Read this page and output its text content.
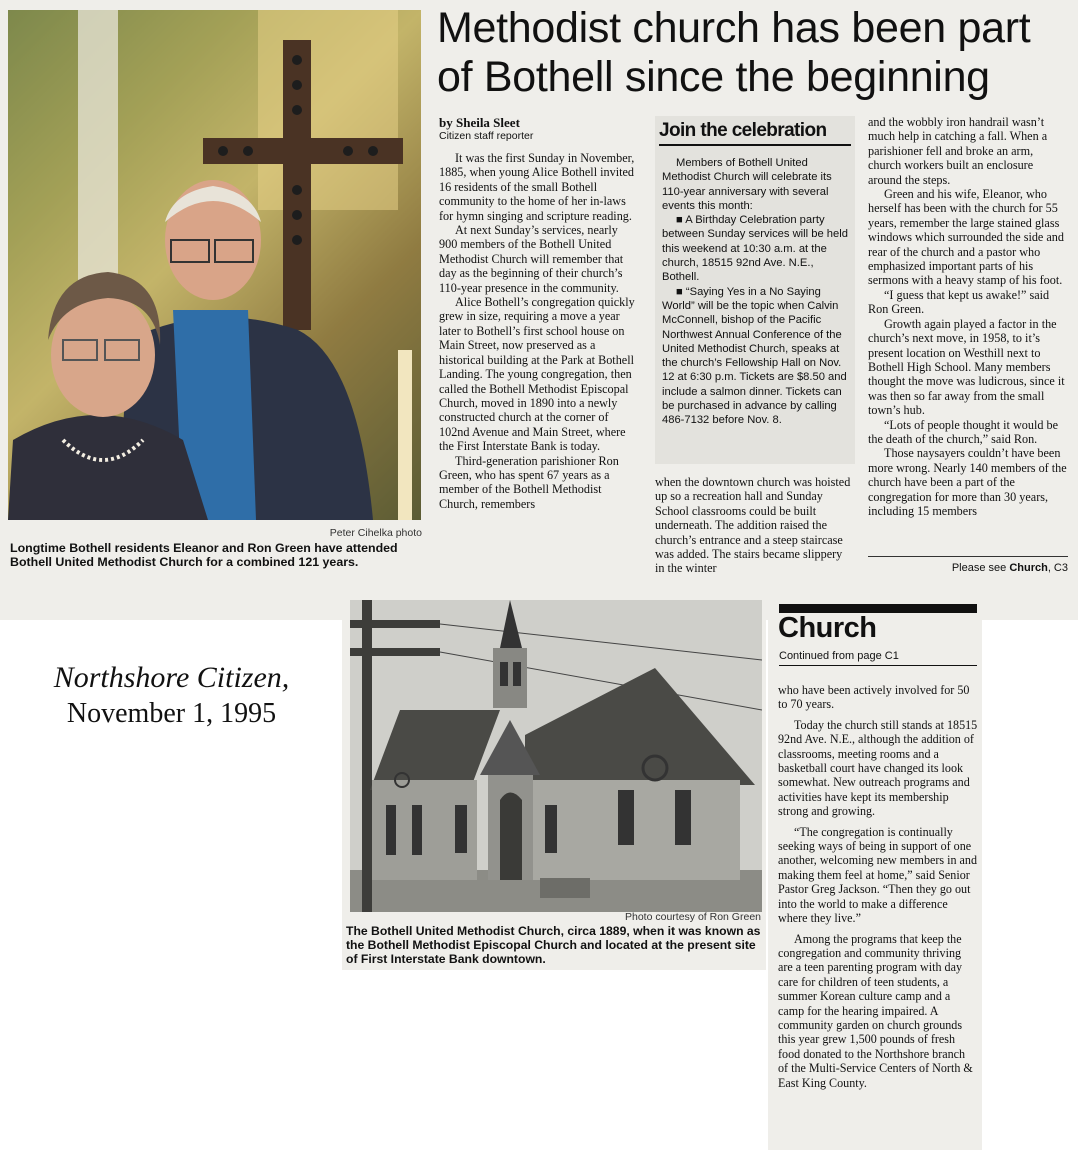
Peter Cihelka photo
Longtime Bothell residents Eleanor and Ron Green have attended Bothell United Methodist Church for a combined 121 years.
Methodist church has been part
of Bothell since the beginning
by Sheila Sleet
Citizen staff reporter

It was the first Sunday in November, 1885, when young Alice Bothell invited 16 residents of the small Bothell community to the home of her in-laws for hymn singing and scripture reading.

At next Sunday’s services, nearly 900 members of the Bothell United Methodist Church will remember that day as the beginning of their church’s 110-year presence in the community.

Alice Bothell’s congregation quickly grew in size, requiring a move a year later to Bothell’s first school house on Main Street, now preserved as a historical building at the Park at Bothell Landing. The young congregation, then called the Bothell Methodist Episcopal Church, moved in 1890 into a newly constructed church at the corner of 102nd Avenue and Main Street, where the First Interstate Bank is today.

Third-generation parishioner Ron Green, who has spent 67 years as a member of the Bothell Methodist Church, remembers

Join the celebration
Members of Bothell United Methodist Church will celebrate its 110-year anniversary with several events this month:
■ A Birthday Celebration party between Sunday services will be held this weekend at 10:30 a.m. at the church, 18515 92nd Ave. N.E., Bothell.
■ “Saying Yes in a No Saying World” will be the topic when Calvin McConnell, bishop of the Pacific Northwest Annual Conference of the United Methodist Church, speaks at the church’s Fellowship Hall on Nov. 12 at 6:30 p.m. Tickets are $8.50 and include a salmon dinner. Tickets can be purchased in advance by calling 486-7132 before Nov. 8.

when the downtown church was hoisted up so a recreation hall and Sunday School classrooms could be built underneath. The addition raised the church’s entrance and a steep staircase was added. The stairs became slippery in the winter

and the wobbly iron handrail wasn’t much help in catching a fall. When a parishioner fell and broke an arm, church workers built an enclosure around the steps.

Green and his wife, Eleanor, who herself has been with the church for 55 years, remember the large stained glass windows which surrounded the side and rear of the church and a pastor who emphasized important parts of his sermons with a heavy stamp of his foot.

“I guess that kept us awake!” said Ron Green.

Growth again played a factor in the church’s next move, in 1958, to it’s present location on Westhill next to Bothell High School. Many members thought the move was ludicrous, since it was then so far away from the small town’s hub.

“Lots of people thought it would be the death of the church,” said Ron.

Those naysayers couldn’t have been more wrong. Nearly 140 members of the church have been a part of the congregation for more than 30 years, including 15 members

Please see Church, C3
Northshore Citizen,
November 1, 1995
Photo courtesy of Ron Green
The Bothell United Methodist Church, circa 1889, when it was known as the Bothell Methodist Episcopal Church and located at the present site of First Interstate Bank downtown.
Church
Continued from page C1

who have been actively involved for 50 to 70 years.

Today the church still stands at 18515 92nd Ave. N.E., although the addition of classrooms, meeting rooms and a basketball court have changed its look somewhat. New outreach programs and activities have kept its membership strong and growing.

“The congregation is continually seeking ways of being in support of one another, welcoming new members in and making them feel at home,” said Senior Pastor Greg Jackson. “Then they go out into the world to make a difference where they live.”

Among the programs that keep the congregation and community thriving are a teen parenting program with day care for children of teen students, a summer Korean culture camp and a camp for the hearing impaired. A community garden on church grounds this year grew 1,500 pounds of fresh food donated to the Northshore branch of the Multi-Service Centers of North & East King County.
